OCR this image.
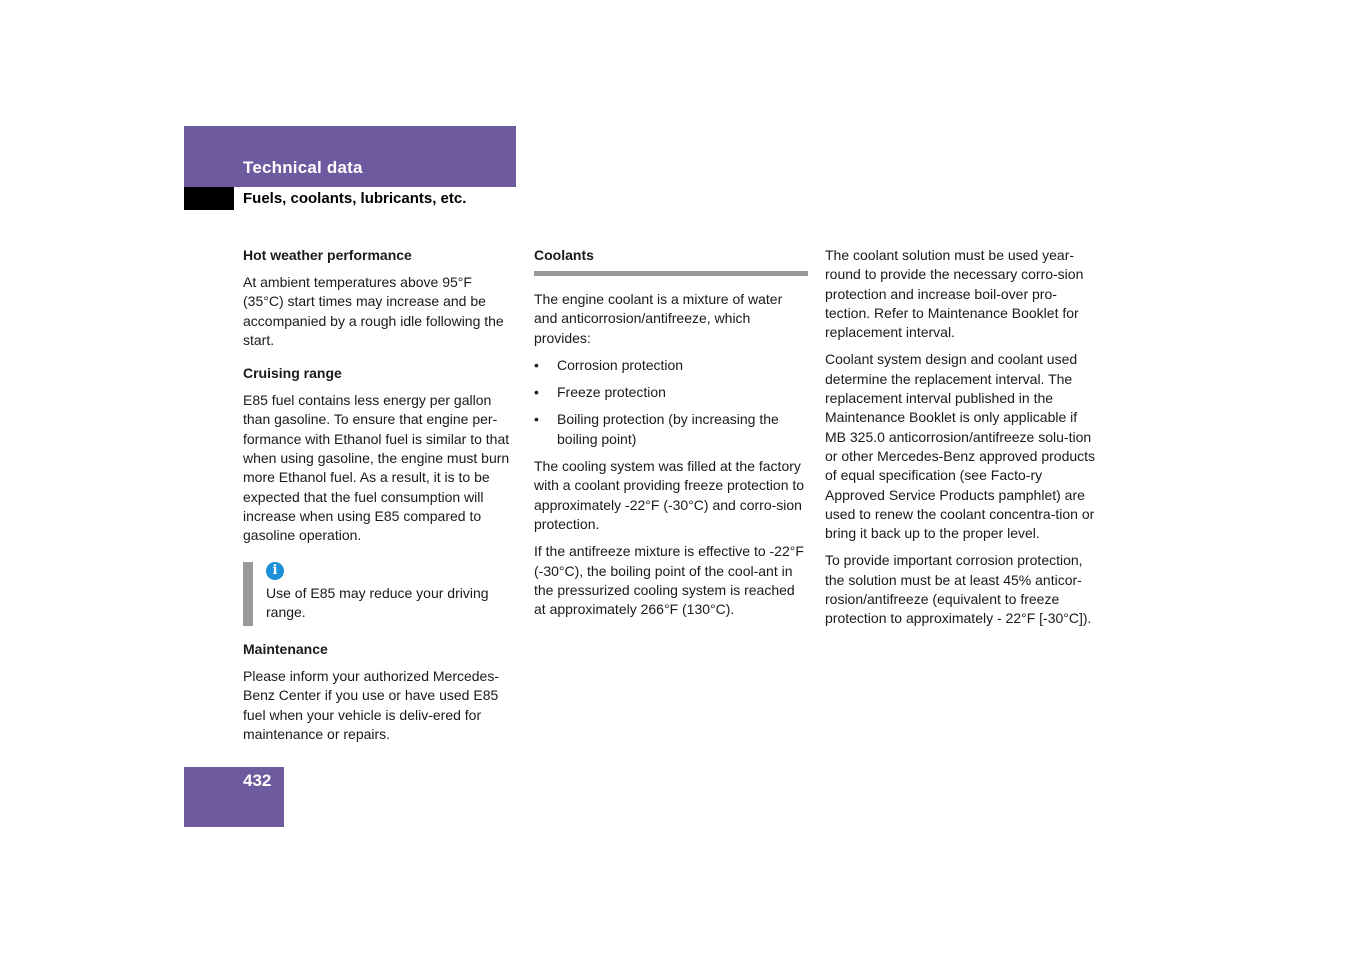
Technical data
Fuels, coolants, lubricants, etc.
Hot weather performance

At ambient temperatures above 95°F (35°C) start times may increase and be accompanied by a rough idle following the start.

Cruising range

E85 fuel contains less energy per gallon than gasoline. To ensure that engine per-formance with Ethanol fuel is similar to that when using gasoline, the engine must burn more Ethanol fuel. As a result, it is to be expected that the fuel consumption will increase when using E85 compared to gasoline operation.

i

Use of E85 may reduce your driving range.

Maintenance

Please inform your authorized Mercedes-Benz Center if you use or have used E85 fuel when your vehicle is deliv-ered for maintenance or repairs.

Coolants

The engine coolant is a mixture of water and anticorrosion/antifreeze, which provides:

• Corrosion protection
• Freeze protection
• Boiling protection (by increasing the boiling point)

The cooling system was filled at the factory with a coolant providing freeze protection to approximately -22°F (-30°C) and corro-sion protection.

If the antifreeze mixture is effective to -22°F (-30°C), the boiling point of the cool-ant in the pressurized cooling system is reached at approximately 266°F (130°C).

The coolant solution must be used year-round to provide the necessary corro-sion protection and increase boil-over pro-tection. Refer to Maintenance Booklet for replacement interval.

Coolant system design and coolant used determine the replacement interval. The replacement interval published in the Maintenance Booklet is only applicable if MB 325.0 anticorrosion/antifreeze solu-tion or other Mercedes-Benz approved products of equal specification (see Facto-ry Approved Service Products pamphlet) are used to renew the coolant concentra-tion or bring it back up to the proper level.

To provide important corrosion protection, the solution must be at least 45% anticor-rosion/antifreeze (equivalent to freeze protection to approximately - 22°F [-30°C]).

432
